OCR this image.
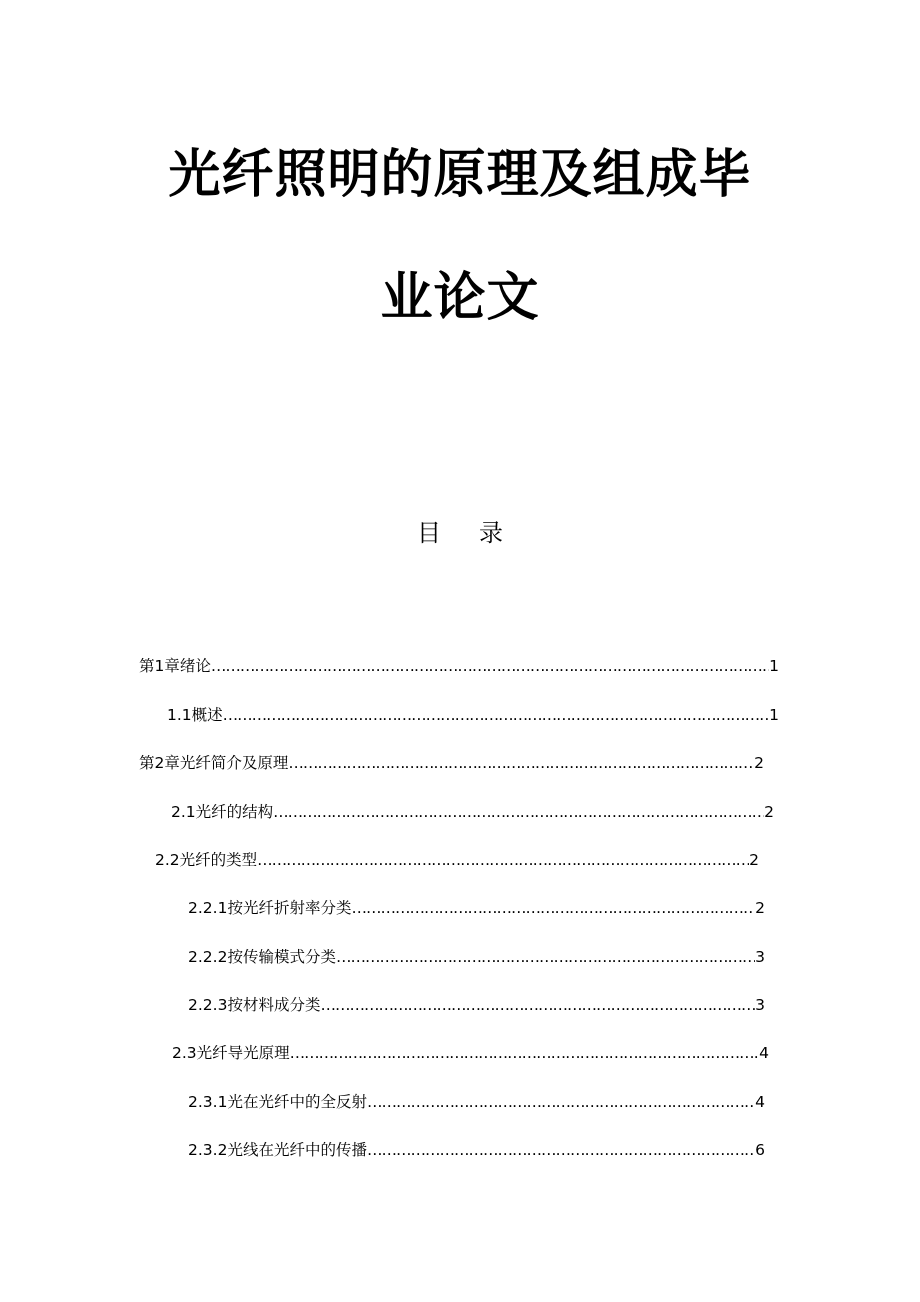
光纤照明的原理及组成毕
业论文
目 录
第1章 绪论 ………………………………………………………………………………………………………………………………………………………………………………………………	1
1.1 概述 ………………………………………………………………………………………………………………………………………………………………………………………………	1
第2章 光纤简介及原理 ………………………………………………………………………………………………………………………………………………………………………………………………	2
2.1 光纤的结构 ………………………………………………………………………………………………………………………………………………………………………………………………	2
2.2 光纤的类型 ………………………………………………………………………………………………………………………………………………………………………………………………	2
2.2.1 按光纤折射率分类 ………………………………………………………………………………………………………………………………………………………………………………………………	2
2.2.2 按传输模式分类 ………………………………………………………………………………………………………………………………………………………………………………………………	3
2.2.3 按材料成分类 ………………………………………………………………………………………………………………………………………………………………………………………………	3
2.3 光纤导光原理 ………………………………………………………………………………………………………………………………………………………………………………………………	4
2.3.1 光在光纤中的全反射 ………………………………………………………………………………………………………………………………………………………………………………………………	4
2.3.2 光线在光纤中的传播 ………………………………………………………………………………………………………………………………………………………………………………………………	6
